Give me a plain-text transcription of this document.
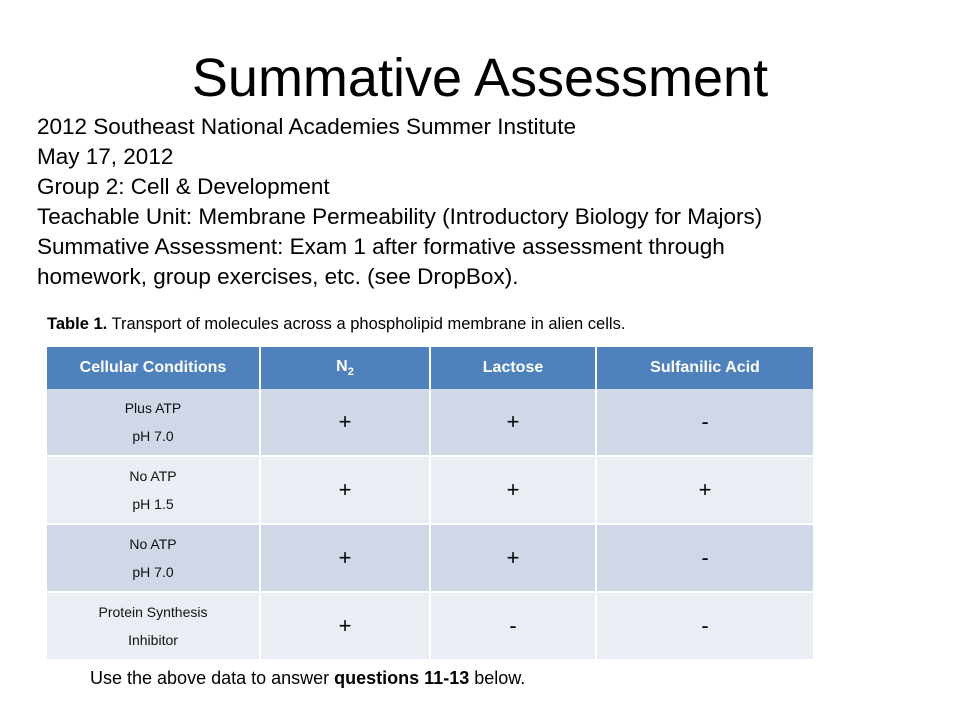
Summative Assessment
2012 Southeast National Academies Summer Institute
May 17, 2012
Group 2: Cell & Development
Teachable Unit: Membrane Permeability (Introductory Biology for Majors)
Summative Assessment: Exam 1 after formative assessment through
homework, group exercises, etc. (see DropBox).
Table 1. Transport of molecules across a phospholipid membrane in alien cells.
Cellular Conditions	$N_2$	Lactose	Sulfanilic Acid

Plus ATP
pH 7.0	+	+	-

No ATP
pH 1.5	+	+	+

No ATP
pH 7.0	+	+	-

Protein Synthesis
Inhibitor	+	-	-
Use the above data to answer questions 11-13 below.
